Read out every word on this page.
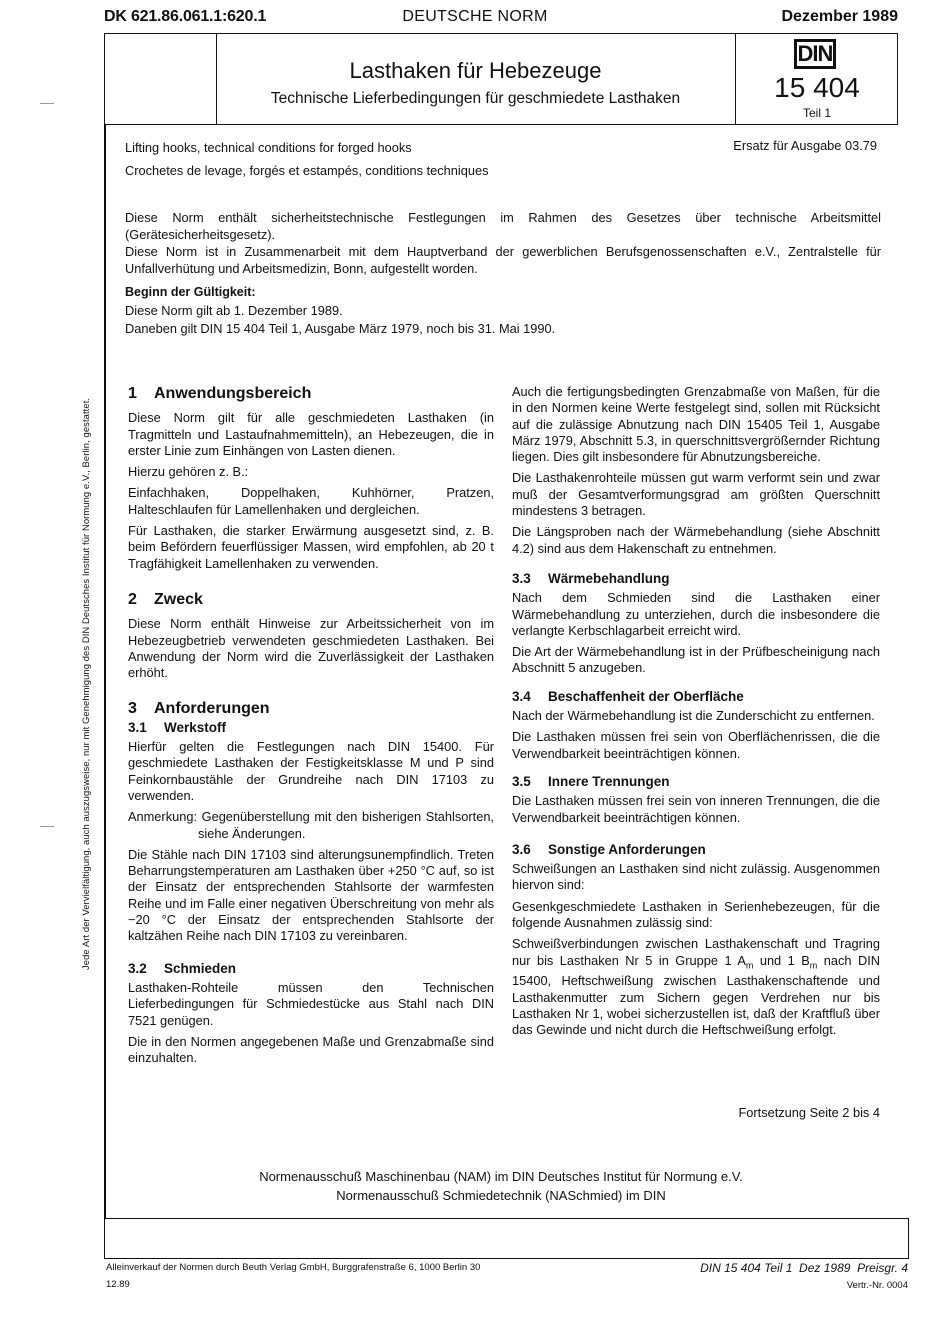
DEUTSCHE NORM
DK 621.86.061.1:620.1	Dezember 1989
Lasthaken für Hebezeuge
Technische Lieferbedingungen für geschmiedete Lasthaken
DIN
15 404
Teil 1
Lifting hooks, technical conditions for forged hooks
Crochetes de levage, forgés et estampés, conditions techniques
Ersatz für Ausgabe 03.79
Diese Norm enthält sicherheitstechnische Festlegungen im Rahmen des Gesetzes über technische Arbeitsmittel (Gerätesicherheitsgesetz).
Diese Norm ist in Zusammenarbeit mit dem Hauptverband der gewerblichen Berufsgenossenschaften e.V., Zentralstelle für Unfallverhütung und Arbeitsmedizin, Bonn, aufgestellt worden.
Beginn der Gültigkeit:
Diese Norm gilt ab 1. Dezember 1989.
Daneben gilt DIN 15 404 Teil 1, Ausgabe März 1979, noch bis 31. Mai 1990.
1 Anwendungsbereich

Diese Norm gilt für alle geschmiedeten Lasthaken (in Tragmitteln und Lastaufnahmemitteln), an Hebezeugen, die in erster Linie zum Einhängen von Lasten dienen.

Hierzu gehören z. B.:

Einfachhaken, Doppelhaken, Kuhhörner, Pratzen, Halteschlaufen für Lamellenhaken und dergleichen.

Für Lasthaken, die starker Erwärmung ausgesetzt sind, z. B. beim Befördern feuerflüssiger Massen, wird empfohlen, ab 20 t Tragfähigkeit Lamellenhaken zu verwenden.

2 Zweck

Diese Norm enthält Hinweise zur Arbeitssicherheit von im Hebezeugbetrieb verwendeten geschmiedeten Lasthaken. Bei Anwendung der Norm wird die Zuverlässigkeit der Lasthaken erhöht.

3 Anforderungen
3.1 Werkstoff

Hierfür gelten die Festlegungen nach DIN 15400. Für geschmiedete Lasthaken der Festigkeitsklasse M und P sind Feinkornbaustähle der Grundreihe nach DIN 17103 zu verwenden.

Anmerkung: Gegenüberstellung mit den bisherigen Stahlsorten, siehe Änderungen.

Die Stähle nach DIN 17103 sind alterungsunempfindlich. Treten Beharrungstemperaturen am Lasthaken über +250 °C auf, so ist der Einsatz der entsprechenden Stahlsorte der warmfesten Reihe und im Falle einer negativen Überschreitung von mehr als −20 °C der Einsatz der entsprechenden Stahlsorte der kaltzähen Reihe nach DIN 17103 zu vereinbaren.

3.2 Schmieden

Lasthaken-Rohteile müssen den Technischen Lieferbedingungen für Schmiedestücke aus Stahl nach DIN 7521 genügen.

Die in den Normen angegebenen Maße und Grenzabmaße sind einzuhalten.

Auch die fertigungsbedingten Grenzabmaße von Maßen, für die in den Normen keine Werte festgelegt sind, sollen mit Rücksicht auf die zulässige Abnutzung nach DIN 15405 Teil 1, Ausgabe März 1979, Abschnitt 5.3, in querschnittsvergrößernder Richtung liegen. Dies gilt insbesondere für Abnutzungsbereiche.

Die Lasthakenrohteile müssen gut warm verformt sein und zwar muß der Gesamtverformungsgrad am größten Querschnitt mindestens 3 betragen.

Die Längsproben nach der Wärmebehandlung (siehe Abschnitt 4.2) sind aus dem Hakenschaft zu entnehmen.

3.3 Wärmebehandlung

Nach dem Schmieden sind die Lasthaken einer Wärmebehandlung zu unterziehen, durch die insbesondere die verlangte Kerbschlagarbeit erreicht wird.

Die Art der Wärmebehandlung ist in der Prüfbescheinigung nach Abschnitt 5 anzugeben.

3.4 Beschaffenheit der Oberfläche

Nach der Wärmebehandlung ist die Zunderschicht zu entfernen.

Die Lasthaken müssen frei sein von Oberflächenrissen, die die Verwendbarkeit beeinträchtigen können.

3.5 Innere Trennungen

Die Lasthaken müssen frei sein von inneren Trennungen, die die Verwendbarkeit beeinträchtigen können.

3.6 Sonstige Anforderungen

Schweißungen an Lasthaken sind nicht zulässig. Ausgenommen hiervon sind:

Gesenkgeschmiedete Lasthaken in Serienhebezeugen, für die folgende Ausnahmen zulässig sind:

Schweißverbindungen zwischen Lasthakenschaft und Tragring nur bis Lasthaken Nr 5 in Gruppe 1 $A_m$ und 1 $B_m$ nach DIN 15400, Heftschweißung zwischen Lasthakenschaftende und Lasthakenmutter zum Sichern gegen Verdrehen nur bis Lasthaken Nr 1, wobei sicherzustellen ist, daß der Kraftfluß über das Gewinde und nicht durch die Heftschweißung erfolgt.

Fortsetzung Seite 2 bis 4
Normenausschuß Maschinenbau (NAM) im DIN Deutsches Institut für Normung e.V.
Normenausschuß Schmiedetechnik (NASchmied) im DIN
Alleinverkauf der Normen durch Beuth Verlag GmbH, Burggrafenstraße 6, 1000 Berlin 30
12.89
DIN 15 404 Teil 1  Dez 1989  Preisgr. 4
Vertr.-Nr. 0004
Jede Art der Vervielfältigung, auch auszugsweise, nur mit Genehmigung des DIN Deutsches Institut für Normung e.V., Berlin, gestattet.
